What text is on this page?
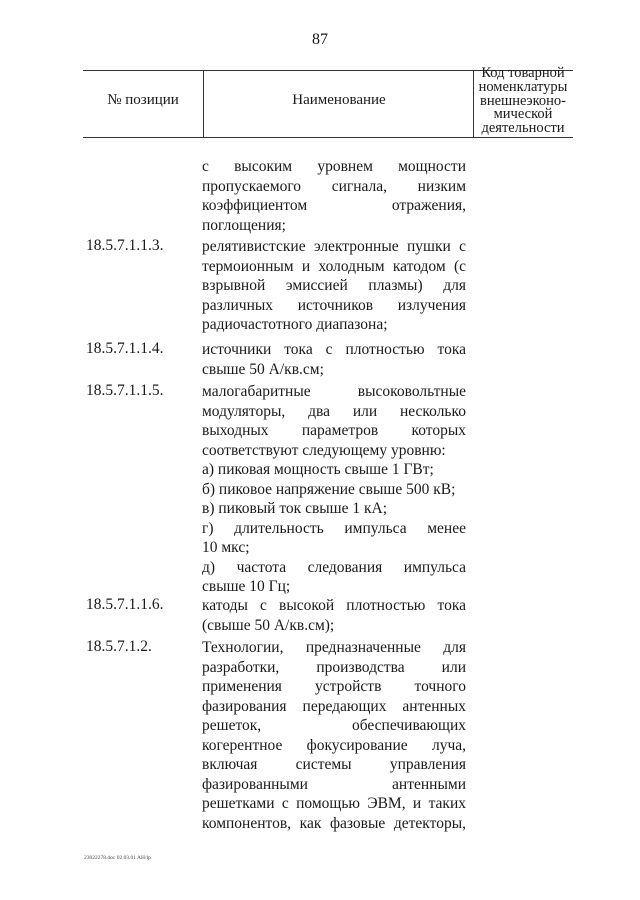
87
№ позиции	Наименование
Код товарной
номенклатуры
внешнеэконо-
мической
деятельности
с высоким уровнем мощности
пропускаемого сигнала, низким
коэффициентом отражения,
поглощения;
18.5.7.1.1.3. релятивистские электронные пушки с
термоионным и холодным катодом (с
взрывной эмиссией плазмы) для
различных источников излучения
радиочастотного диапазона;
18.5.7.1.1.4. источники тока с плотностью тока
свыше 50 А/кв.см;
18.5.7.1.1.5. малогабаритные высоковольтные
модуляторы, два или несколько
выходных параметров которых
соответствуют следующему уровню:
а) пиковая мощность свыше 1 ГВт;
б) пиковое напряжение свыше 500 кВ;
в) пиковый ток свыше 1 кА;
г) длительность импульса менее
10 мкс;
д) частота следования импульса
свыше 10 Гц;
18.5.7.1.1.6. катоды с высокой плотностью тока
(свыше 50 А/кв.см);
18.5.7.1.2.	Технологии, предназначенные для
разработки, производства или
применения устройств точного
фазирования передающих антенных
решеток, обеспечивающих
когерентное фокусирование луча,
включая системы управления
фазированными антенными
решетками с помощью ЭВМ, и таких
компонентов, как фазовые детекторы,
23022278.doc 02.03.01 AH/lp
